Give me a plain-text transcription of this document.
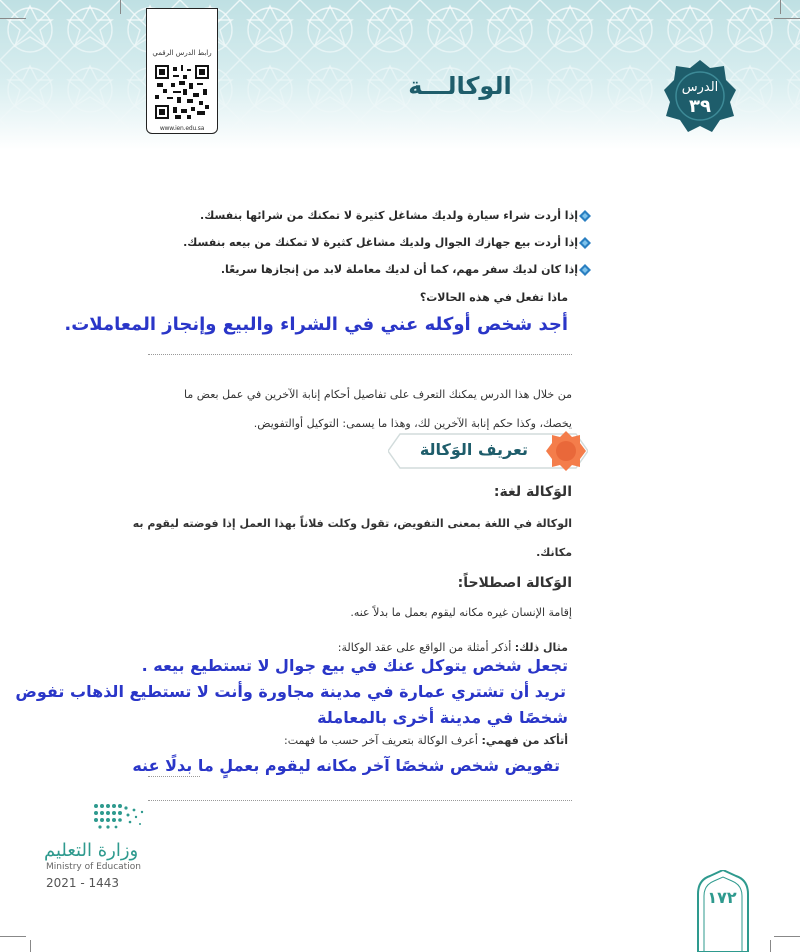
رابط الدرس الرقمي
www.ien.edu.sa
الوكالـــة	الدرس
٣٩
إذا أردت شراء سيارة ولديك مشاغل كثيرة لا تمكنك من شرائها بنفسك.
إذا أردت بيع جهازك الجوال ولديك مشاغل كثيرة لا تمكنك من بيعه بنفسك.
إذا كان لديك سفر مهم، كما أن لديك معاملة لابد من إنجازها سريعًا.
ماذا تفعل في هذه الحالات؟
أجد شخص أوكله عني في الشراء والبيع وإنجاز المعاملات.
من خلال هذا الدرس يمكنك التعرف على تفاصيل أحكام إنابة الآخرين في عمل بعض ما
يخصك، وكذا حكم إنابة الآخرين لك، وهذا ما يسمى: التوكيل أوالتفويض.
تعريف الوَكالة
الوَكالة لغة:
الوكالة في اللغة بمعنى التفويض، تقول وكلت فلاناً بهذا العمل إذا فوضته ليقوم به
مكانك.
الوَكالة اصطلاحاً:
إقامة الإنسان غيره مكانه ليقوم بعمل ما بدلاً عنه.
مثال ذلك: أذكر أمثلة من الواقع على عقد الوكالة:
تجعل شخص يتوكل عنك في بيع جوال لا تستطيع بيعه .
تريد أن تشتري عمارة في مدينة مجاورة وأنت لا تستطيع الذهاب تفوض
شخصًا في مدينة أخرى بالمعاملة
أتأكد من فهمي: أعرف الوكالة بتعريف آخر حسب ما فهمت:
تفويض شخص شخصًا آخر مكانه ليقوم بعملٍ ما بدلًا عنه
وزارة التعليم
Ministry of Education
2021 - 1443
١٧٢
